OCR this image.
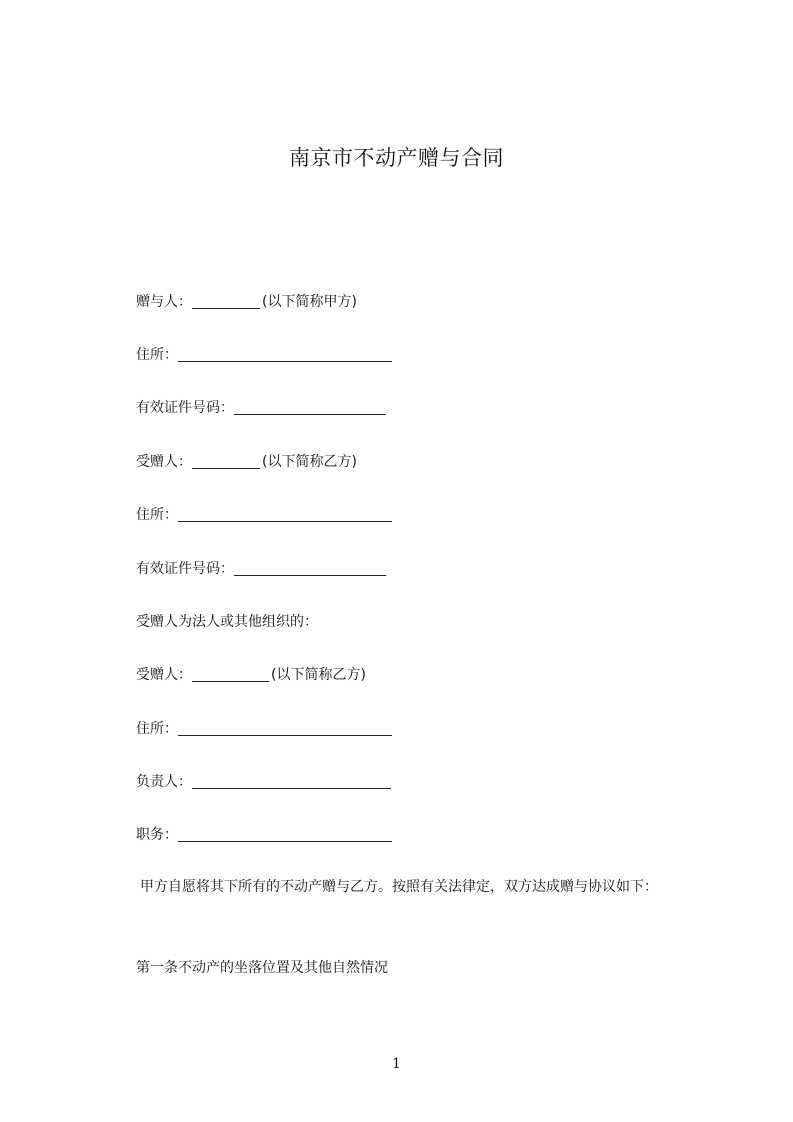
南京市不动产赠与合同
赠与人：	(以下简称甲方)
住所：
有效证件号码：
受赠人：	(以下简称乙方)
住所：
有效证件号码：
受赠人为法人或其他组织的：
受赠人：	(以下简称乙方)
住所：
负责人：
职务：
甲方自愿将其下所有的不动产赠与乙方。按照有关法律定，双方达成赠与协议如下：
第一条不动产的坐落位置及其他自然情况
1
